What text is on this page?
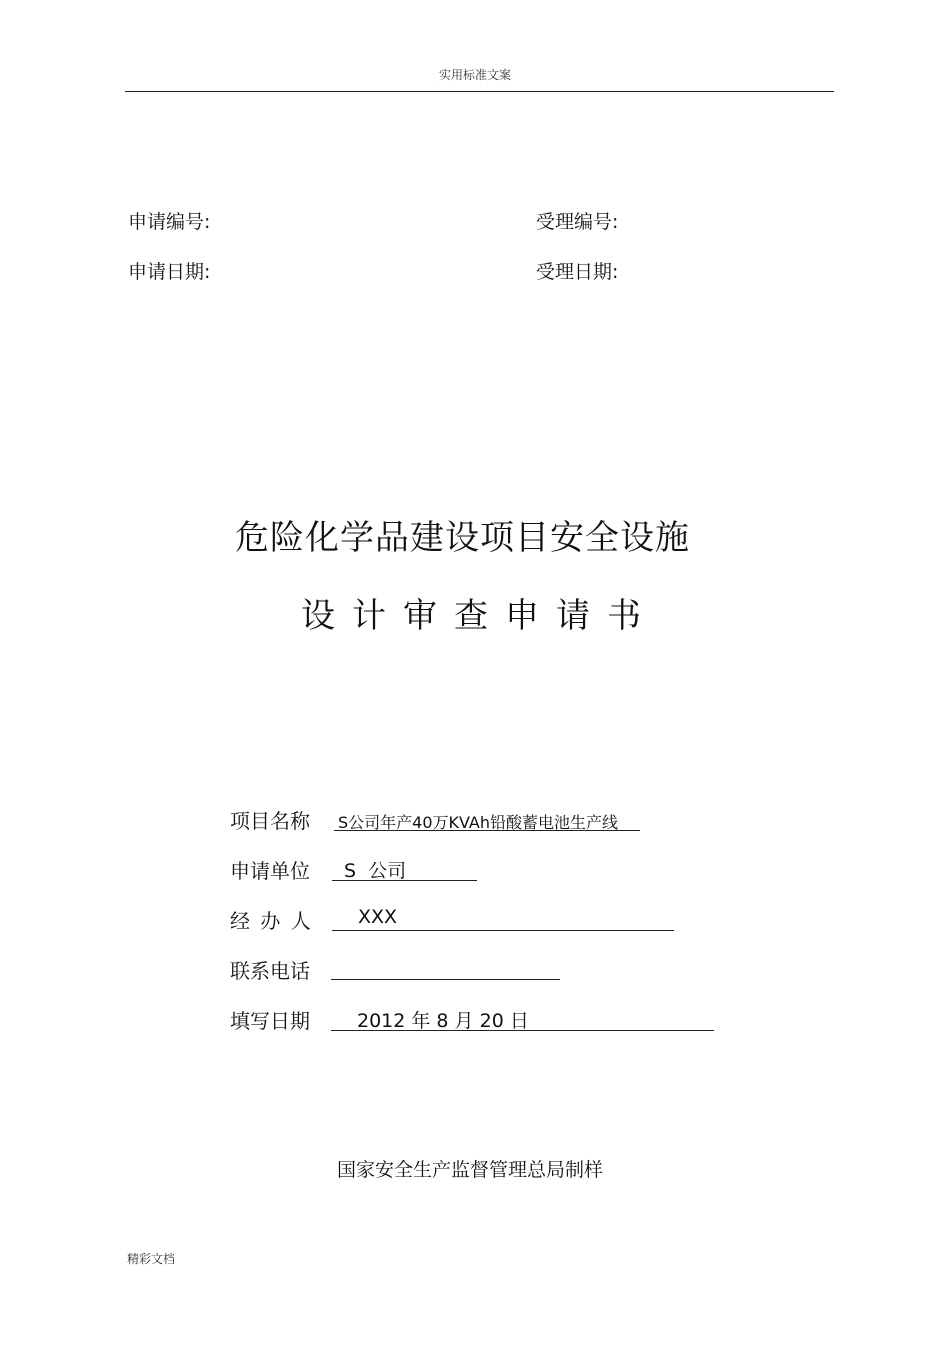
实用标准文案
申请编号:	受理编号:
申请日期:	受理日期:
危险化学品建设项目安全设施
设计审查申请书
项目名称 S公司年产40万KVAh铅酸蓄电池生产线
申请单位 S  公司
经 办 人 XXX
联系电话
填写日期 2012 年 8 月 20 日
国家安全生产监督管理总局制样
精彩文档
